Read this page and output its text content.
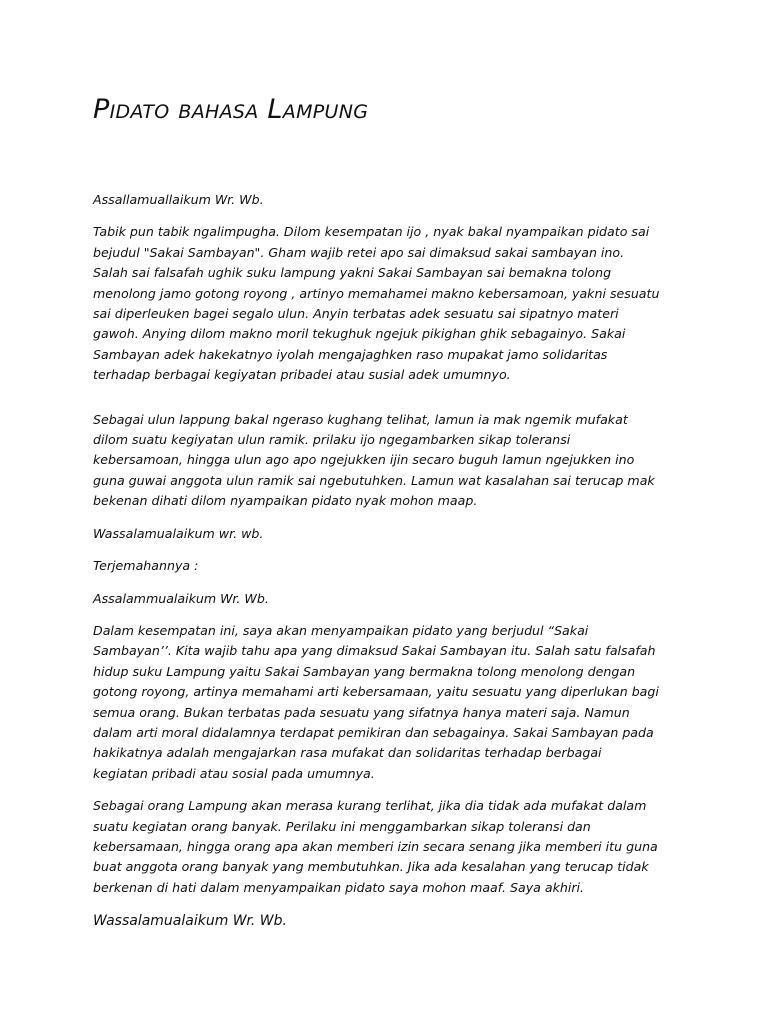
Pidato bahasa Lampung

Assallamuallaikum Wr. Wb.

Tabik pun tabik ngalimpugha. Dilom kesempatan ijo , nyak bakal nyampaikan pidato sai
bejudul "Sakai Sambayan". Gham wajib retei apo sai dimaksud sakai sambayan ino.
Salah sai falsafah ughik suku lampung yakni Sakai Sambayan sai bemakna tolong
menolong jamo gotong royong , artinyo memahamei makno kebersamoan, yakni sesuatu
sai diperleuken bagei segalo ulun. Anyin terbatas adek sesuatu sai sipatnyo materi
gawoh. Anying dilom makno moril tekughuk ngejuk pikighan ghik sebagainyo. Sakai
Sambayan adek hakekatnyo iyolah mengajaghken raso mupakat jamo solidaritas
terhadap berbagai kegiyatan pribadei atau susial adek umumnyo.

Sebagai ulun lappung bakal ngeraso kughang telihat, lamun ia mak ngemik mufakat
dilom suatu kegiyatan ulun ramik. prilaku ijo ngegambarken sikap toleransi
kebersamoan, hingga ulun ago apo ngejukken ijin secaro buguh lamun ngejukken ino
guna guwai anggota ulun ramik sai ngebutuhken. Lamun wat kasalahan sai terucap mak
bekenan dihati dilom nyampaikan pidato nyak mohon maap.

Wassalamualaikum wr. wb.

Terjemahannya :

Assalammualaikum Wr. Wb.

Dalam kesempatan ini, saya akan menyampaikan pidato yang berjudul “Sakai
Sambayan’’. Kita wajib tahu apa yang dimaksud Sakai Sambayan itu. Salah satu falsafah
hidup suku Lampung yaitu Sakai Sambayan yang bermakna tolong menolong dengan
gotong royong, artinya memahami arti kebersamaan, yaitu sesuatu yang diperlukan bagi
semua orang. Bukan terbatas pada sesuatu yang sifatnya hanya materi saja. Namun
dalam arti moral didalamnya terdapat pemikiran dan sebagainya. Sakai Sambayan pada
hakikatnya adalah mengajarkan rasa mufakat dan solidaritas terhadap berbagai
kegiatan pribadi atau sosial pada umumnya.

Sebagai orang Lampung akan merasa kurang terlihat, jika dia tidak ada mufakat dalam
suatu kegiatan orang banyak. Perilaku ini menggambarkan sikap toleransi dan
kebersamaan, hingga orang apa akan memberi izin secara senang jika memberi itu guna
buat anggota orang banyak yang membutuhkan. Jika ada kesalahan yang terucap tidak
berkenan di hati dalam menyampaikan pidato saya mohon maaf. Saya akhiri.

Wassalamualaikum Wr. Wb.
